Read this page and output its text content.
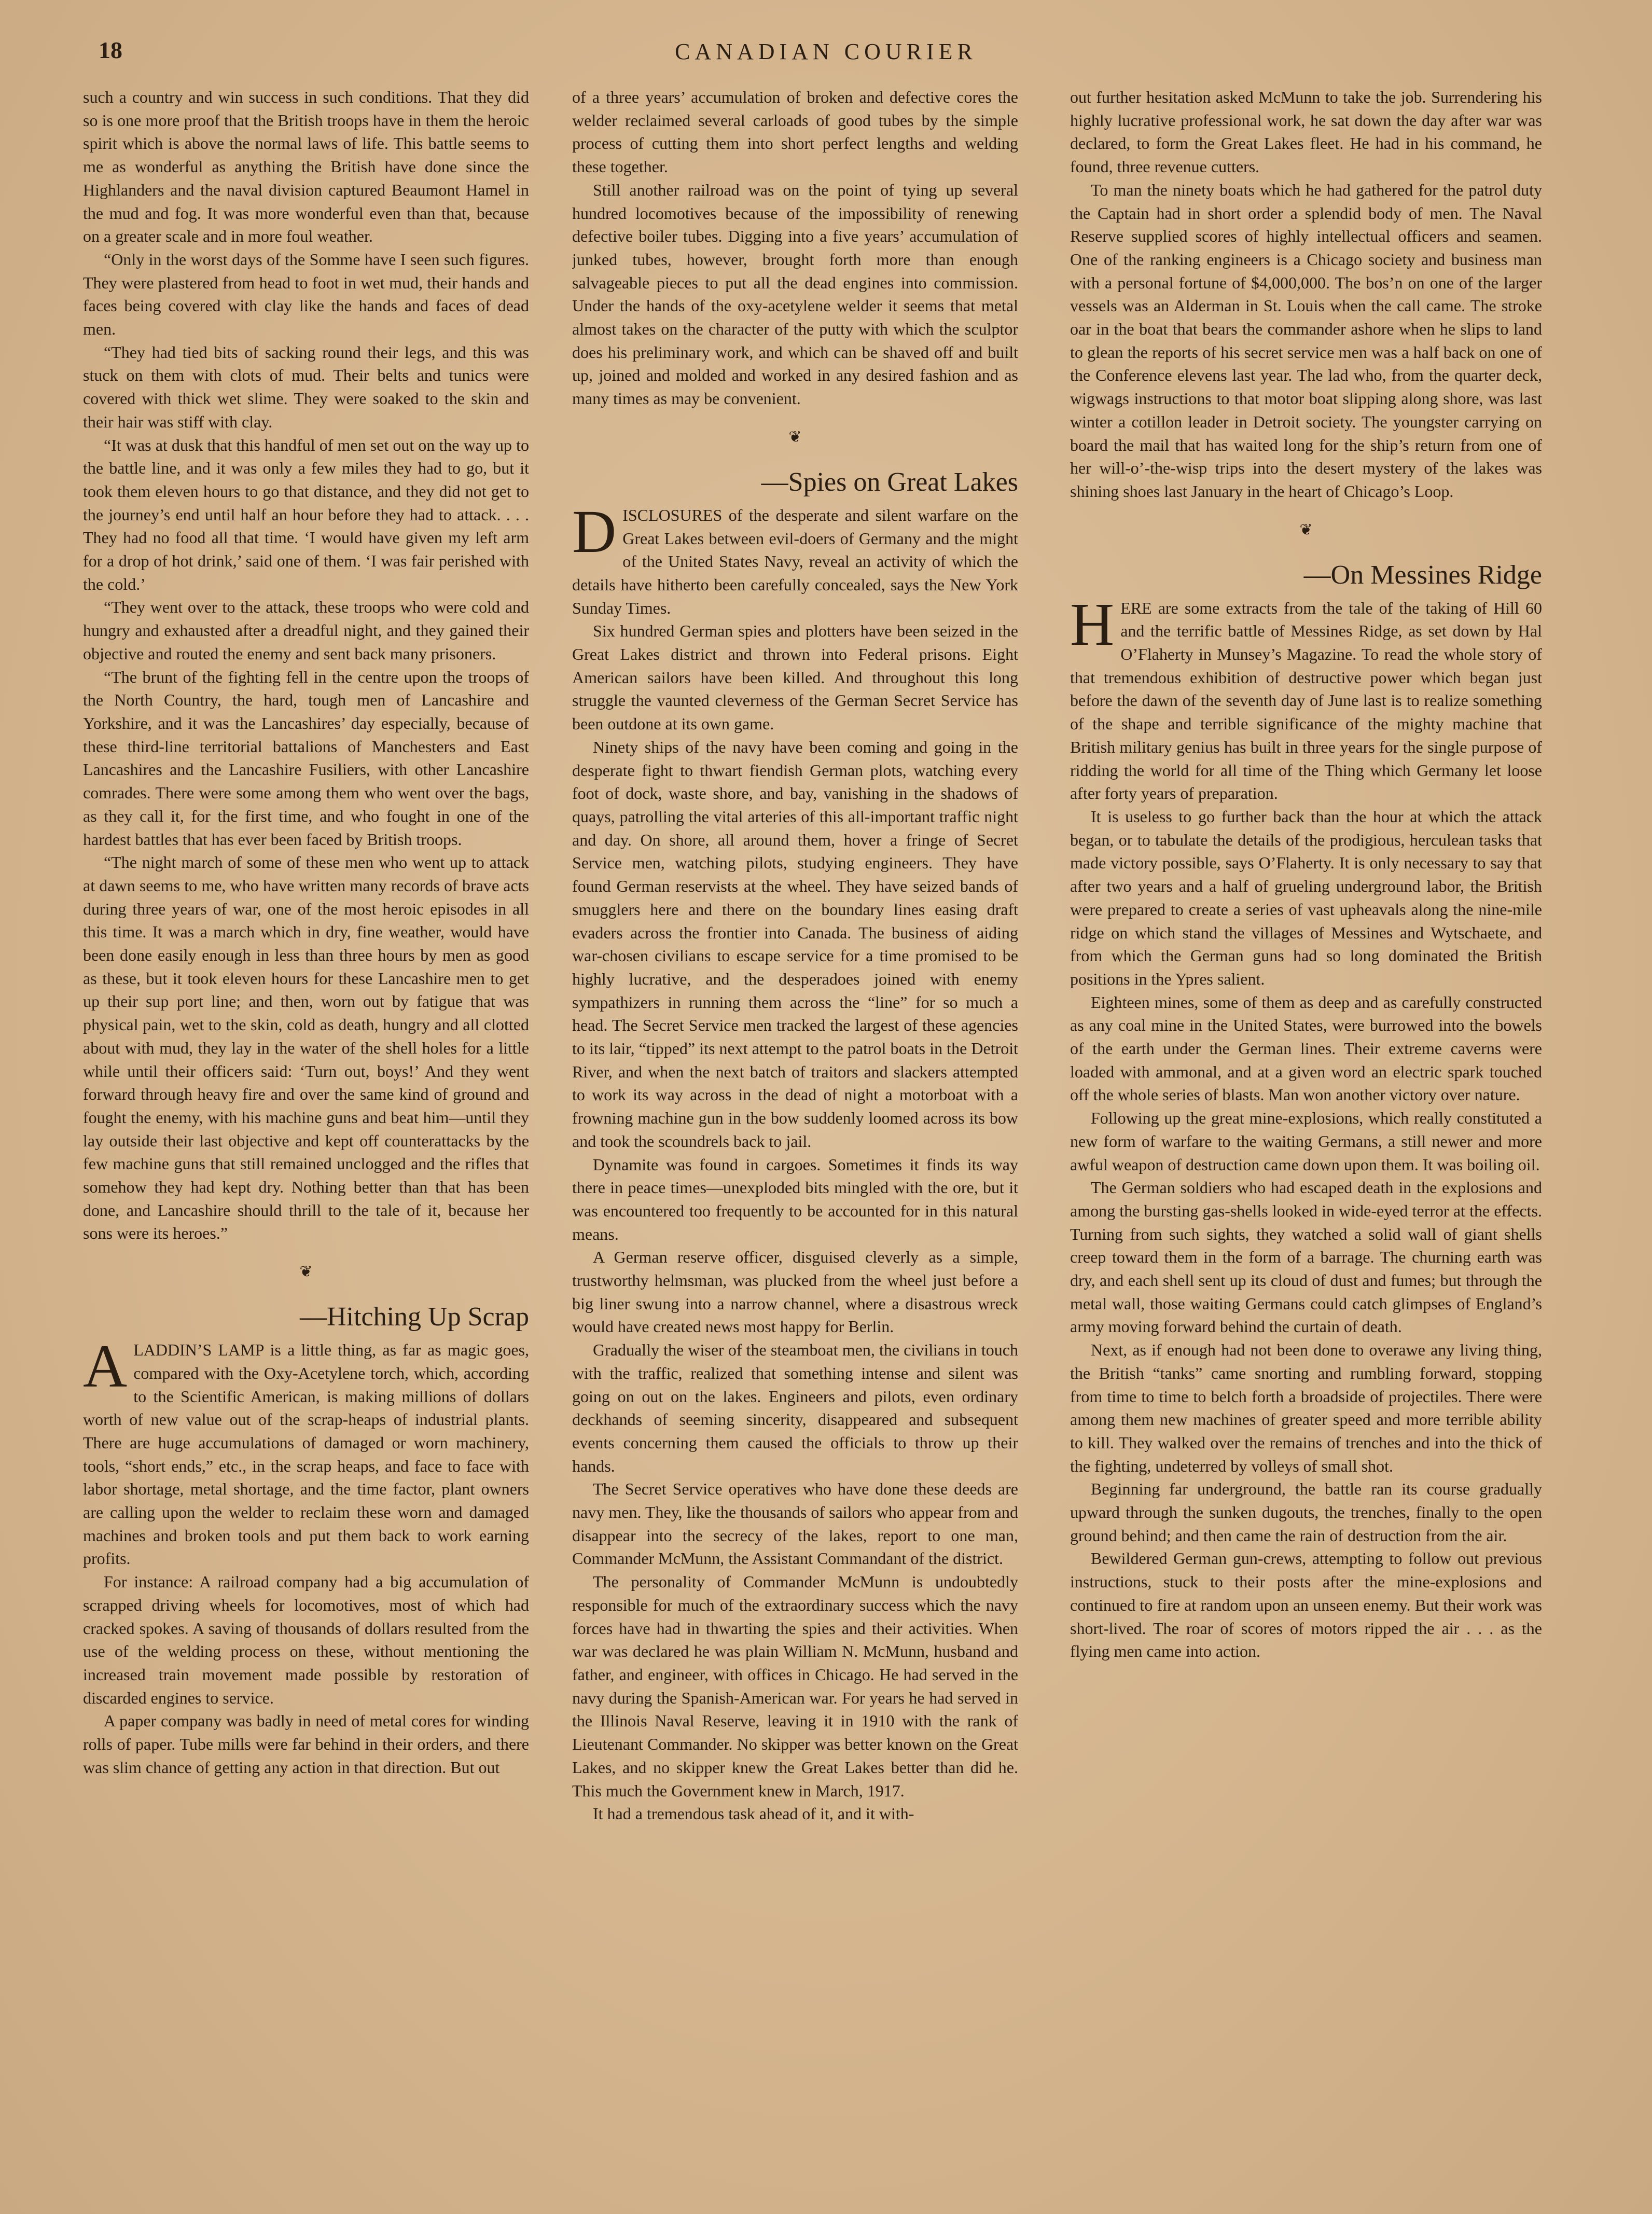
18	CANADIAN COURIER

such a country and win success in such conditions. That they did so is one more proof that the British troops have in them the heroic spirit which is above the normal laws of life. This battle seems to me as wonderful as anything the British have done since the Highlanders and the naval division captured Beaumont Hamel in the mud and fog. It was more wonderful even than that, because on a greater scale and in more foul weather.

“Only in the worst days of the Somme have I seen such figures. They were plastered from head to foot in wet mud, their hands and faces being covered with clay like the hands and faces of dead men.

“They had tied bits of sacking round their legs, and this was stuck on them with clots of mud. Their belts and tunics were covered with thick wet slime. They were soaked to the skin and their hair was stiff with clay.

“It was at dusk that this handful of men set out on the way up to the battle line, and it was only a few miles they had to go, but it took them eleven hours to go that distance, and they did not get to the journey’s end until half an hour before they had to attack. . . . They had no food all that time. ‘I would have given my left arm for a drop of hot drink,’ said one of them. ‘I was fair perished with the cold.’

“They went over to the attack, these troops who were cold and hungry and exhausted after a dreadful night, and they gained their objective and routed the enemy and sent back many prisoners.

“The brunt of the fighting fell in the centre upon the troops of the North Country, the hard, tough men of Lancashire and Yorkshire, and it was the Lancashires’ day especially, because of these third-line territorial battalions of Manchesters and East Lancashires and the Lancashire Fusiliers, with other Lancashire comrades. There were some among them who went over the bags, as they call it, for the first time, and who fought in one of the hardest battles that has ever been faced by British troops.

“The night march of some of these men who went up to attack at dawn seems to me, who have written many records of brave acts during three years of war, one of the most heroic episodes in all this time. It was a march which in dry, fine weather, would have been done easily enough in less than three hours by men as good as these, but it took eleven hours for these Lancashire men to get up their sup port line; and then, worn out by fatigue that was physical pain, wet to the skin, cold as death, hungry and all clotted about with mud, they lay in the water of the shell holes for a little while until their officers said: ‘Turn out, boys!’ And they went forward through heavy fire and over the same kind of ground and fought the enemy, with his machine guns and beat him—until they lay outside their last objective and kept off counterattacks by the few machine guns that still remained unclogged and the rifles that somehow they had kept dry. Nothing better than that has been done, and Lancashire should thrill to the tale of it, because her sons were its heroes.”

❦
—Hitching Up Scrap

ALADDIN’S LAMP is a little thing, as far as magic goes, compared with the Oxy-Acetylene torch, which, according to the Scientific American, is making millions of dollars worth of new value out of the scrap-heaps of industrial plants. There are huge accumulations of damaged or worn machinery, tools, “short ends,” etc., in the scrap heaps, and face to face with labor shortage, metal shortage, and the time factor, plant owners are calling upon the welder to reclaim these worn and damaged machines and broken tools and put them back to work earning profits.

For instance: A railroad company had a big accumulation of scrapped driving wheels for locomotives, most of which had cracked spokes. A saving of thousands of dollars resulted from the use of the welding process on these, without mentioning the increased train movement made possible by restoration of discarded engines to service.

A paper company was badly in need of metal cores for winding rolls of paper. Tube mills were far behind in their orders, and there was slim chance of getting any action in that direction. But out

of a three years’ accumulation of broken and defective cores the welder reclaimed several carloads of good tubes by the simple process of cutting them into short perfect lengths and welding these together.

Still another railroad was on the point of tying up several hundred locomotives because of the impossibility of renewing defective boiler tubes. Digging into a five years’ accumulation of junked tubes, however, brought forth more than enough salvageable pieces to put all the dead engines into commission. Under the hands of the oxy-acetylene welder it seems that metal almost takes on the character of the putty with which the sculptor does his preliminary work, and which can be shaved off and built up, joined and molded and worked in any desired fashion and as many times as may be convenient.

❦
—Spies on Great Lakes

DISCLOSURES of the desperate and silent warfare on the Great Lakes between evil-doers of Germany and the might of the United States Navy, reveal an activity of which the details have hitherto been carefully concealed, says the New York Sunday Times.

Six hundred German spies and plotters have been seized in the Great Lakes district and thrown into Federal prisons. Eight American sailors have been killed. And throughout this long struggle the vaunted cleverness of the German Secret Service has been outdone at its own game.

Ninety ships of the navy have been coming and going in the desperate fight to thwart fiendish German plots, watching every foot of dock, waste shore, and bay, vanishing in the shadows of quays, patrolling the vital arteries of this all-important traffic night and day. On shore, all around them, hover a fringe of Secret Service men, watching pilots, studying engineers. They have found German reservists at the wheel. They have seized bands of smugglers here and there on the boundary lines easing draft evaders across the frontier into Canada. The business of aiding war-chosen civilians to escape service for a time promised to be highly lucrative, and the desperadoes joined with enemy sympathizers in running them across the “line” for so much a head. The Secret Service men tracked the largest of these agencies to its lair, “tipped” its next attempt to the patrol boats in the Detroit River, and when the next batch of traitors and slackers attempted to work its way across in the dead of night a motorboat with a frowning machine gun in the bow suddenly loomed across its bow and took the scoundrels back to jail.

Dynamite was found in cargoes. Sometimes it finds its way there in peace times—unexploded bits mingled with the ore, but it was encountered too frequently to be accounted for in this natural means.

A German reserve officer, disguised cleverly as a simple, trustworthy helmsman, was plucked from the wheel just before a big liner swung into a narrow channel, where a disastrous wreck would have created news most happy for Berlin.

Gradually the wiser of the steamboat men, the civilians in touch with the traffic, realized that something intense and silent was going on out on the lakes. Engineers and pilots, even ordinary deckhands of seeming sincerity, disappeared and subsequent events concerning them caused the officials to throw up their hands.

The Secret Service operatives who have done these deeds are navy men. They, like the thousands of sailors who appear from and disappear into the secrecy of the lakes, report to one man, Commander McMunn, the Assistant Commandant of the district.

The personality of Commander McMunn is undoubtedly responsible for much of the extraordinary success which the navy forces have had in thwarting the spies and their activities. When war was declared he was plain William N. McMunn, husband and father, and engineer, with offices in Chicago. He had served in the navy during the Spanish-American war. For years he had served in the Illinois Naval Reserve, leaving it in 1910 with the rank of Lieutenant Commander. No skipper was better known on the Great Lakes, and no skipper knew the Great Lakes better than did he. This much the Government knew in March, 1917.

It had a tremendous task ahead of it, and it with-

out further hesitation asked McMunn to take the job. Surrendering his highly lucrative professional work, he sat down the day after war was declared, to form the Great Lakes fleet. He had in his command, he found, three revenue cutters.

To man the ninety boats which he had gathered for the patrol duty the Captain had in short order a splendid body of men. The Naval Reserve supplied scores of highly intellectual officers and seamen. One of the ranking engineers is a Chicago society and business man with a personal fortune of $4,000,000. The bos’n on one of the larger vessels was an Alderman in St. Louis when the call came. The stroke oar in the boat that bears the commander ashore when he slips to land to glean the reports of his secret service men was a half back on one of the Conference elevens last year. The lad who, from the quarter deck, wigwags instructions to that motor boat slipping along shore, was last winter a cotillon leader in Detroit society. The youngster carrying on board the mail that has waited long for the ship’s return from one of her will-o’-the-wisp trips into the desert mystery of the lakes was shining shoes last January in the heart of Chicago’s Loop.

❦
—On Messines Ridge

HERE are some extracts from the tale of the taking of Hill 60 and the terrific battle of Messines Ridge, as set down by Hal O’Flaherty in Munsey’s Magazine. To read the whole story of that tremendous exhibition of destructive power which began just before the dawn of the seventh day of June last is to realize something of the shape and terrible significance of the mighty machine that British military genius has built in three years for the single purpose of ridding the world for all time of the Thing which Germany let loose after forty years of preparation.

It is useless to go further back than the hour at which the attack began, or to tabulate the details of the prodigious, herculean tasks that made victory possible, says O’Flaherty. It is only necessary to say that after two years and a half of grueling underground labor, the British were prepared to create a series of vast upheavals along the nine-mile ridge on which stand the villages of Messines and Wytschaete, and from which the German guns had so long dominated the British positions in the Ypres salient.

Eighteen mines, some of them as deep and as carefully constructed as any coal mine in the United States, were burrowed into the bowels of the earth under the German lines. Their extreme caverns were loaded with ammonal, and at a given word an electric spark touched off the whole series of blasts. Man won another victory over nature.

Following up the great mine-explosions, which really constituted a new form of warfare to the waiting Germans, a still newer and more awful weapon of destruction came down upon them. It was boiling oil.

The German soldiers who had escaped death in the explosions and among the bursting gas-shells looked in wide-eyed terror at the effects. Turning from such sights, they watched a solid wall of giant shells creep toward them in the form of a barrage. The churning earth was dry, and each shell sent up its cloud of dust and fumes; but through the metal wall, those waiting Germans could catch glimpses of England’s army moving forward behind the curtain of death.

Next, as if enough had not been done to overawe any living thing, the British “tanks” came snorting and rumbling forward, stopping from time to time to belch forth a broadside of projectiles. There were among them new machines of greater speed and more terrible ability to kill. They walked over the remains of trenches and into the thick of the fighting, undeterred by volleys of small shot.

Beginning far underground, the battle ran its course gradually upward through the sunken dugouts, the trenches, finally to the open ground behind; and then came the rain of destruction from the air.

Bewildered German gun-crews, attempting to follow out previous instructions, stuck to their posts after the mine-explosions and continued to fire at random upon an unseen enemy. But their work was short-lived. The roar of scores of motors ripped the air . . . as the flying men came into action.
